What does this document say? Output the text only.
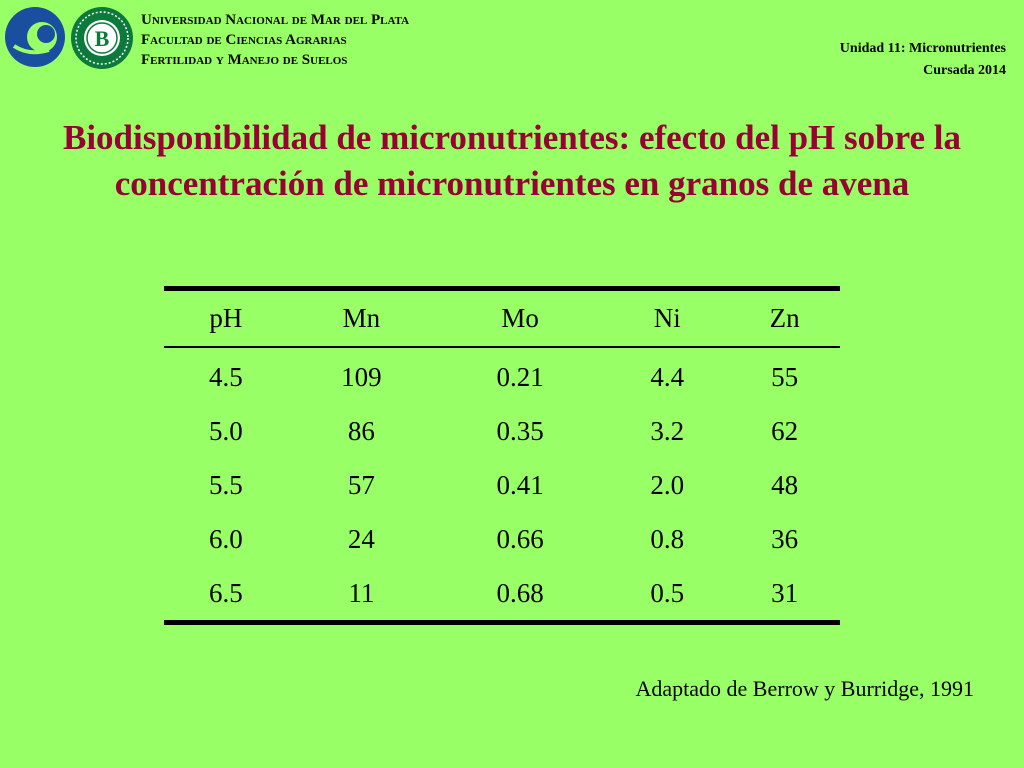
B
Universidad Nacional de Mar del Plata
Facultad de Ciencias Agrarias
Fertilidad y Manejo de Suelos
Unidad 11: Micronutrientes
Cursada 2014
Biodisponibilidad de micronutrientes: efecto del pH sobre la concentración de micronutrientes en granos de avena
pH	Mn	Mo	Ni	Zn
4.5	109	0.21	4.4	55
5.0	86	0.35	3.2	62
5.5	57	0.41	2.0	48
6.0	24	0.66	0.8	36
6.5	11	0.68	0.5	31
Adaptado de Berrow y Burridge, 1991
